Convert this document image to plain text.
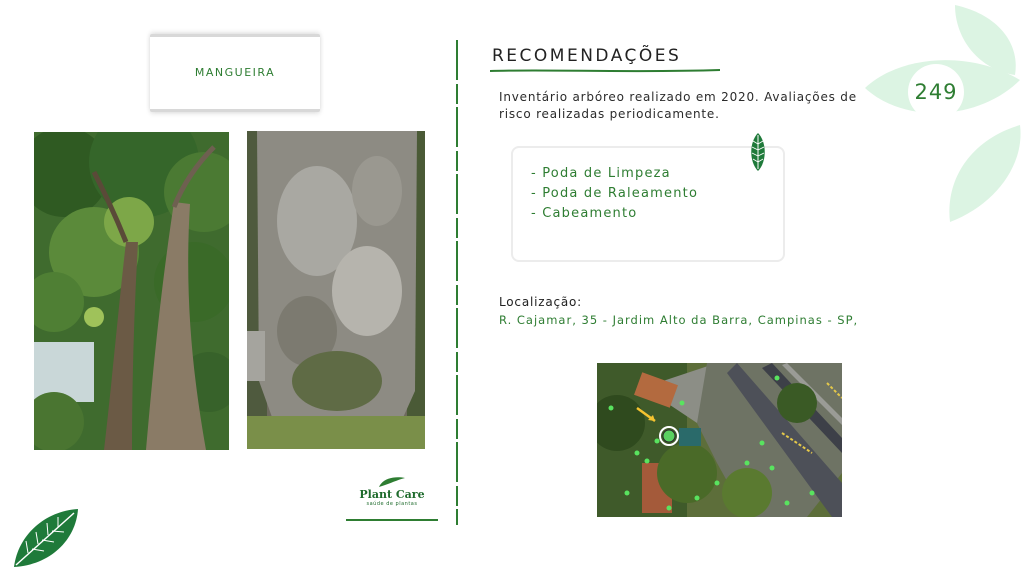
MANGUEIRA
Plant Care
saúde de plantas
RECOMENDAÇÕES
Inventário arbóreo realizado em 2020. Avaliações de risco realizadas periodicamente.
- Poda de Limpeza
- Poda de Raleamento
- Cabeamento
Localização:
R. Cajamar, 35 - Jardim Alto da Barra, Campinas - SP,
249
